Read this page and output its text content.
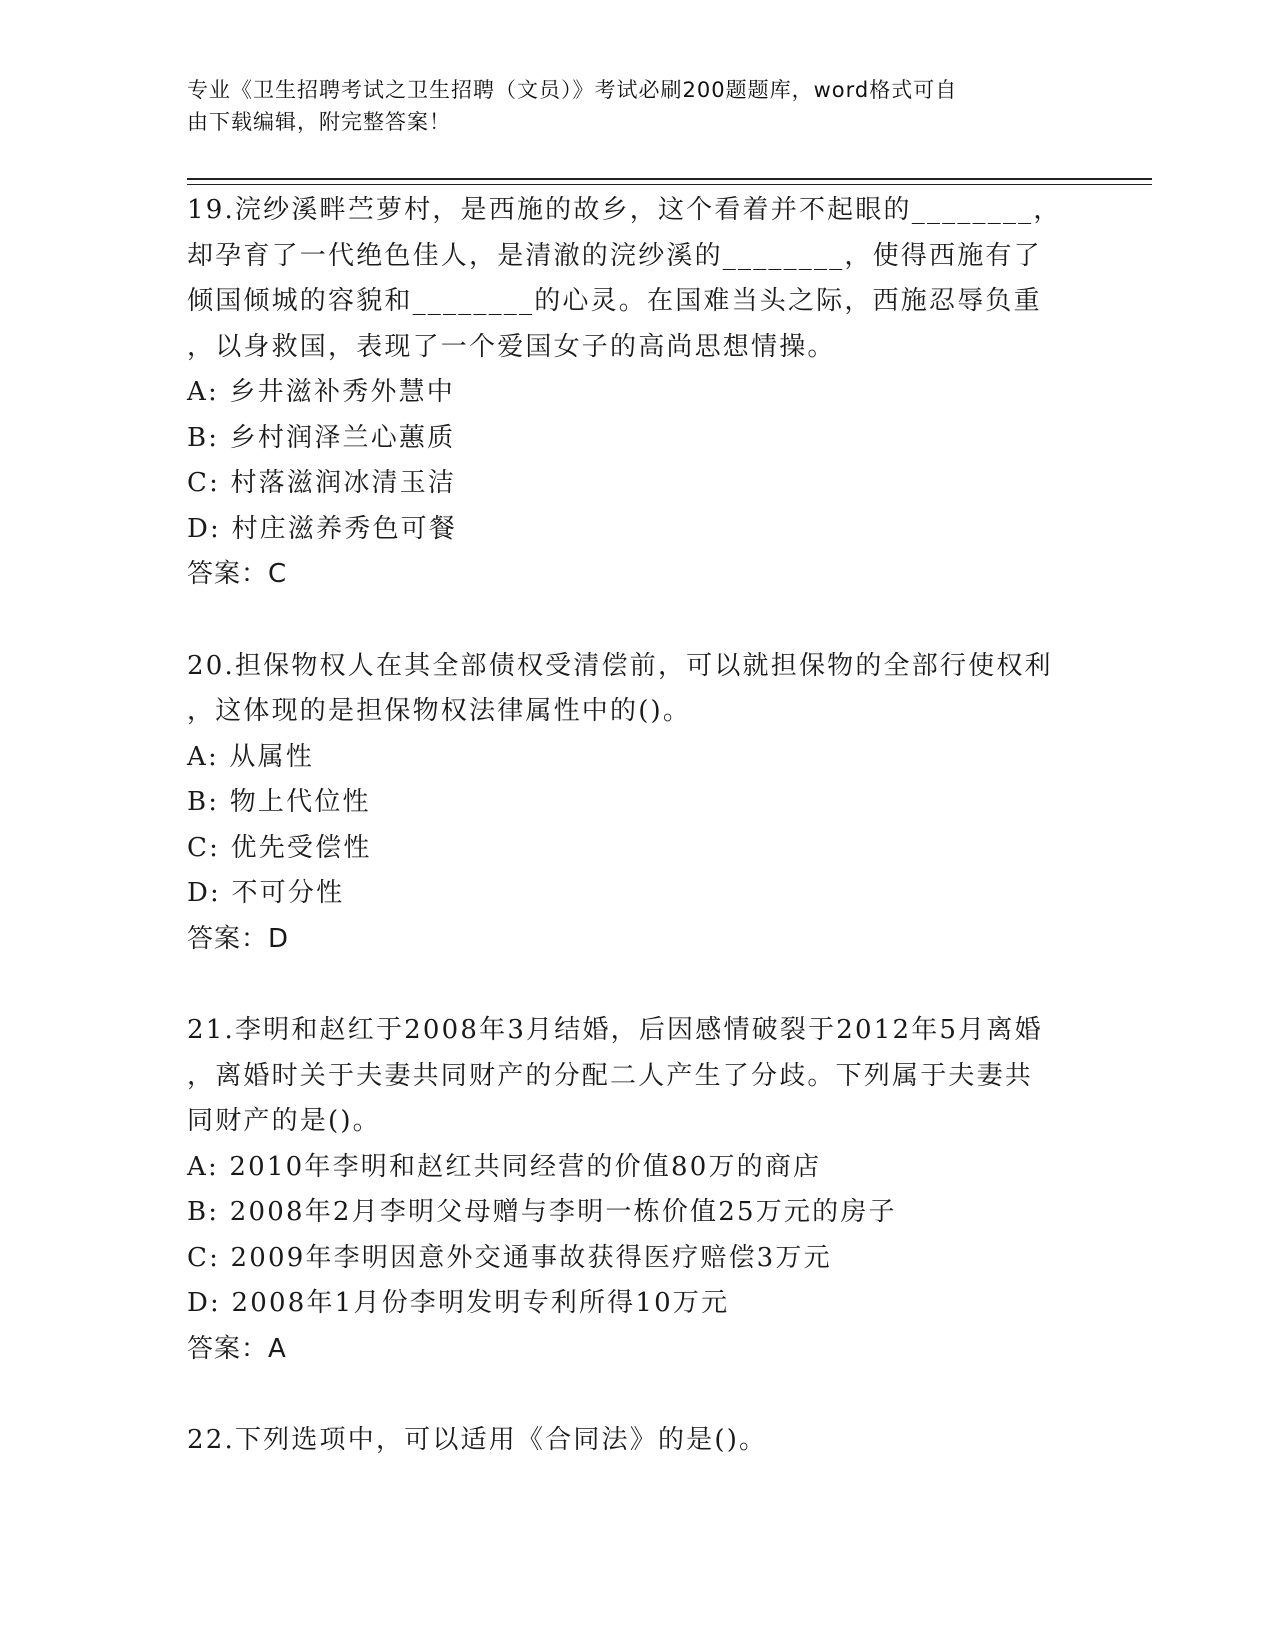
专业《卫生招聘考试之卫生招聘（文员）》考试必刷200题题库，word格式可自
由下载编辑，附完整答案！
19.浣纱溪畔苎萝村，是西施的故乡，这个看着并不起眼的________，
却孕育了一代绝色佳人，是清澈的浣纱溪的________，使得西施有了
倾国倾城的容貌和________的心灵。在国难当头之际，西施忍辱负重
，以身救国，表现了一个爱国女子的高尚思想情操。
A: 乡井滋补秀外慧中
B: 乡村润泽兰心蕙质
C: 村落滋润冰清玉洁
D: 村庄滋养秀色可餐
答案：C
20.担保物权人在其全部债权受清偿前，可以就担保物的全部行使权利
，这体现的是担保物权法律属性中的()。
A: 从属性
B: 物上代位性
C: 优先受偿性
D: 不可分性
答案：D
21.李明和赵红于2008年3月结婚，后因感情破裂于2012年5月离婚
，离婚时关于夫妻共同财产的分配二人产生了分歧。下列属于夫妻共
同财产的是()。
A: 2010年李明和赵红共同经营的价值80万的商店
B: 2008年2月李明父母赠与李明一栋价值25万元的房子
C: 2009年李明因意外交通事故获得医疗赔偿3万元
D: 2008年1月份李明发明专利所得10万元
答案：A
22.下列选项中，可以适用《合同法》的是()。
